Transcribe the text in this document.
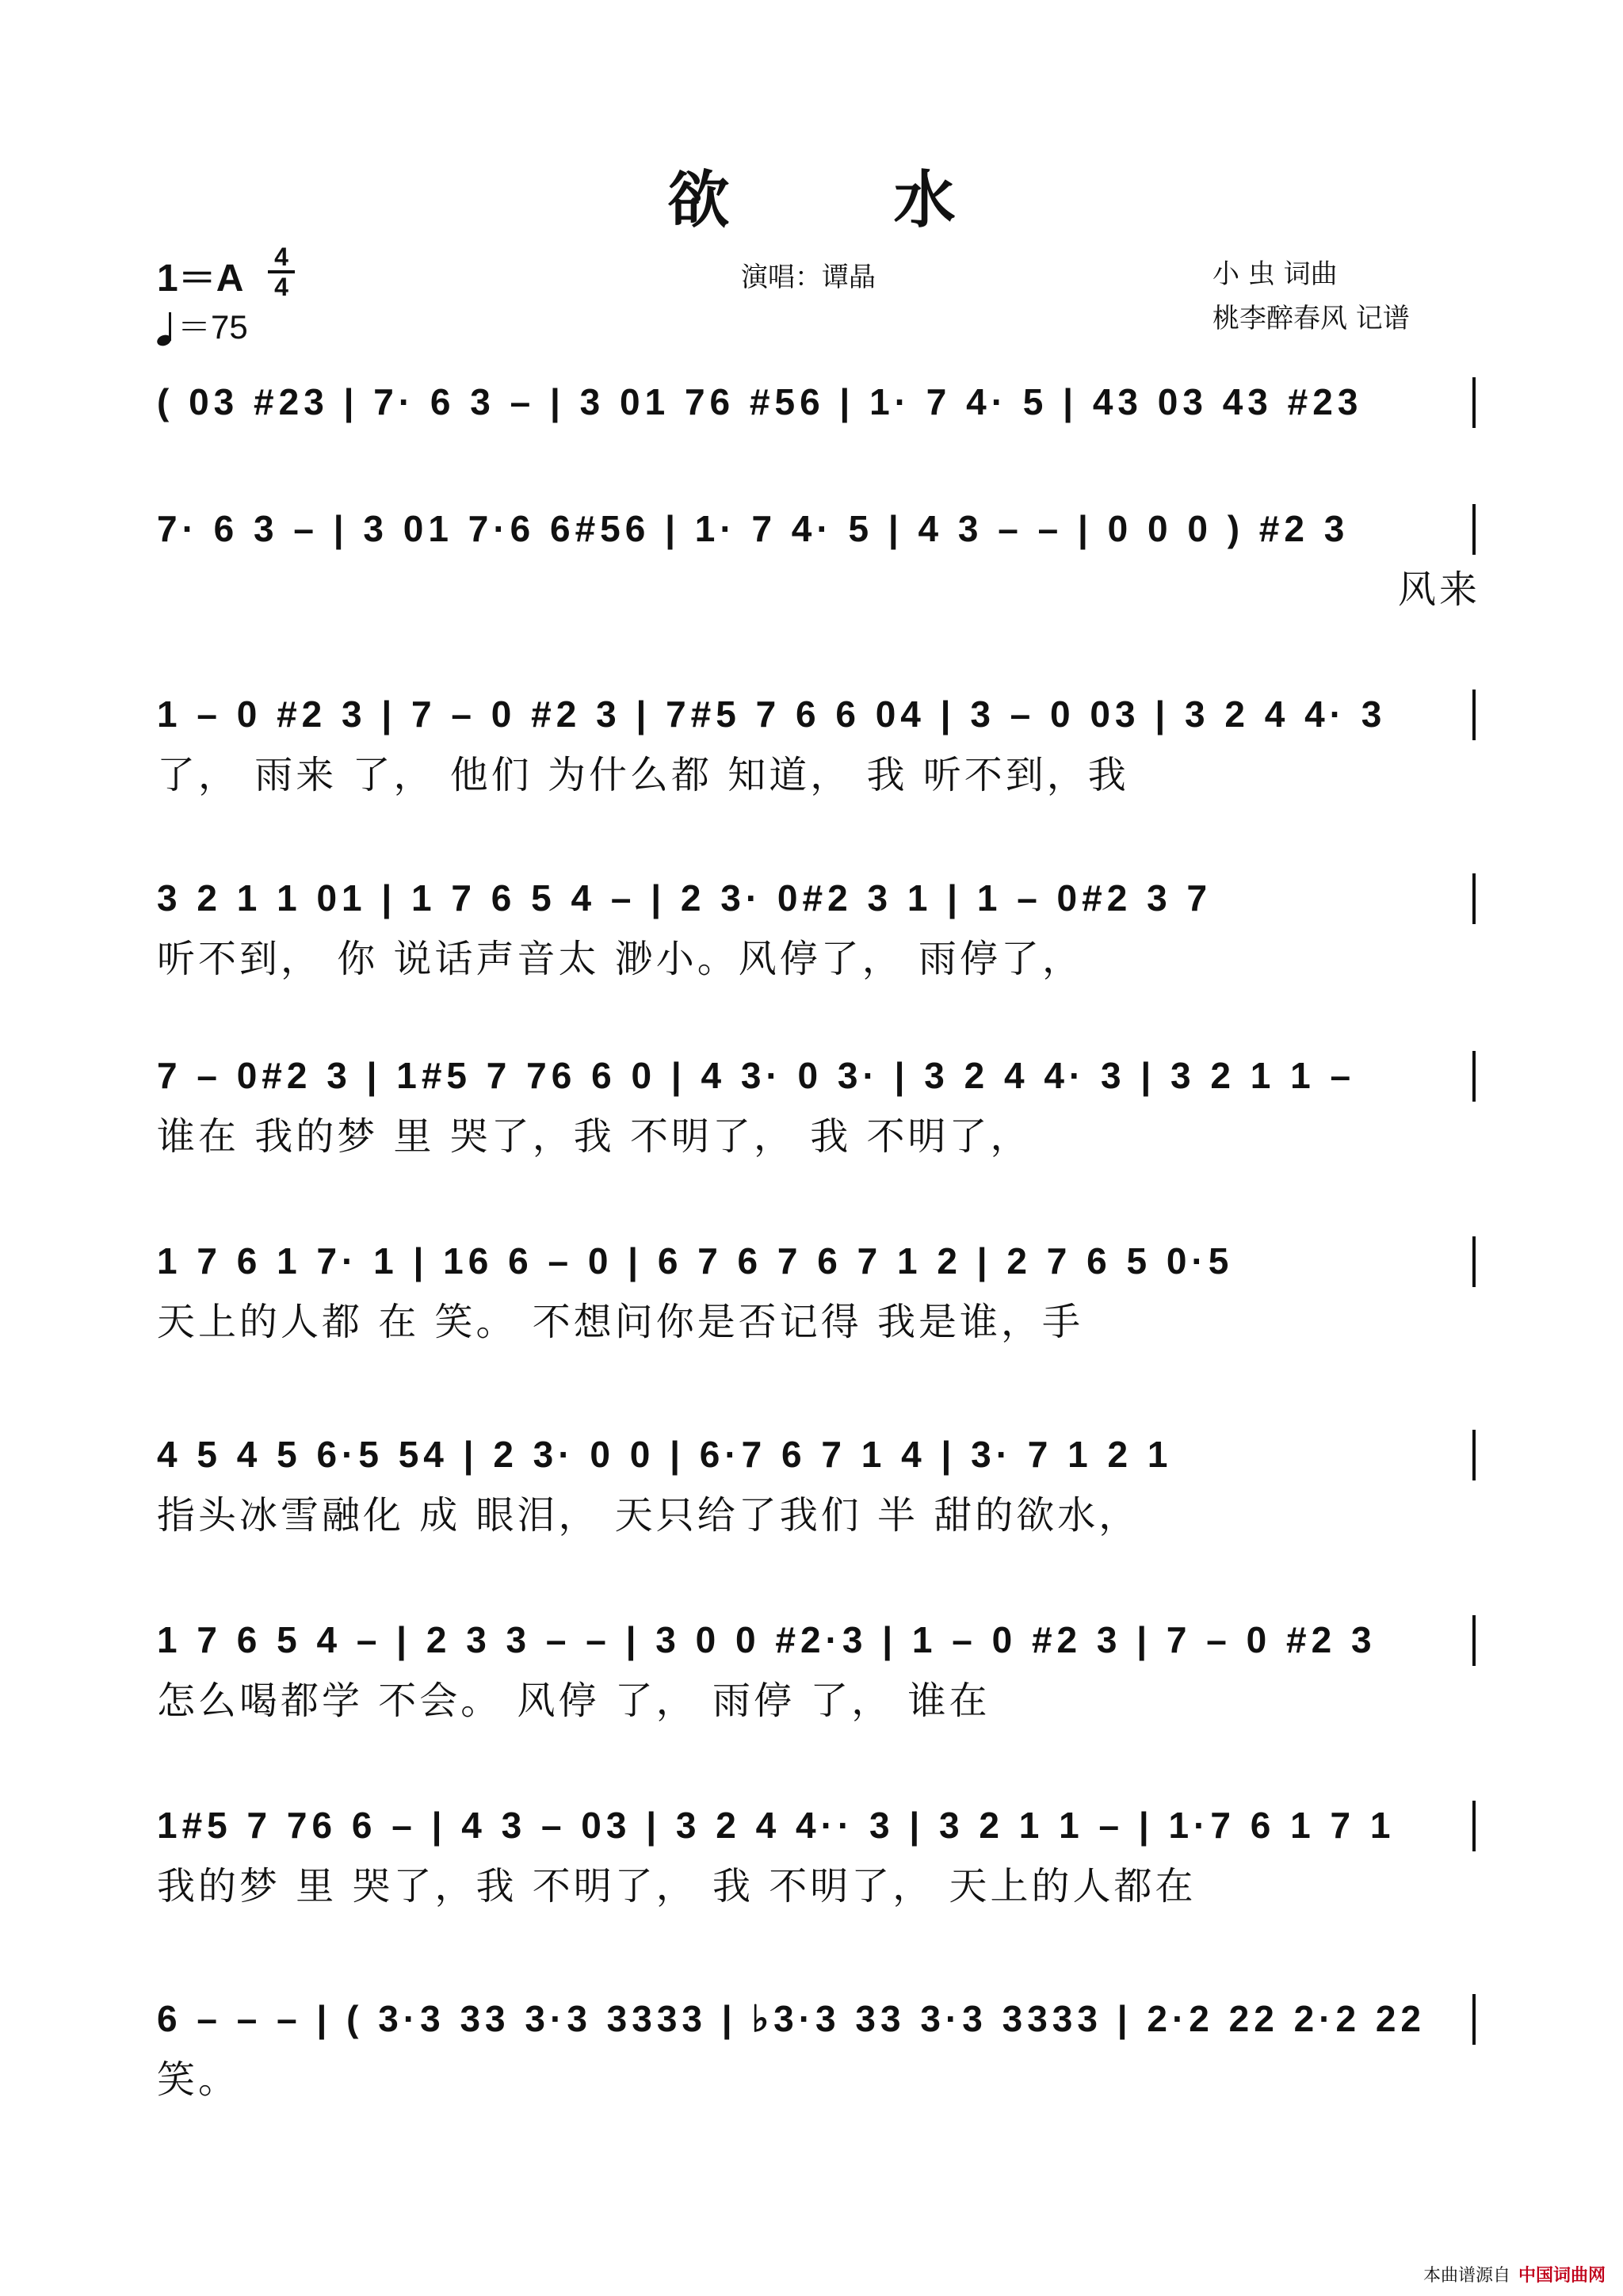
欲 水
1＝A
4
4
＝75
演唱：谭晶	小 虫 词曲
桃李醉春风 记谱
( 03 #23 | 7· 6 3 – | 3 01 76 #56 | 1· 7 4· 5 | 43 03 43 #23
7· 6 3 – | 3 01 7·6 6#56 | 1· 7 4· 5 | 4 3 – – | 0 0 0 ) #2 3
风来
1 – 0 #2 3 | 7 – 0 #2 3 | 7#5 7 6 6 04 | 3 – 0 03 | 3 2 4 4· 3
了， 雨来 了， 他们 为什么都 知道， 我 听不到，我
3 2 1 1 01 | 1 7 6 5 4 – | 2 3· 0#2 3 1 | 1 – 0#2 3 7
听不到， 你 说话声音太 渺小。风停了， 雨停了，
7 – 0#2 3 | 1#5 7 76 6 0 | 4 3· 0 3· | 3 2 4 4· 3 | 3 2 1 1 –
谁在 我的梦 里 哭了，我 不明了， 我 不明了，
1 7 6 1 7· 1 | 16 6 – 0 | 6 7 6 7 6 7 1 2 | 2 7 6 5 0·5
天上的人都 在 笑。 不想问你是否记得 我是谁，手
4 5 4 5 6·5 54 | 2 3· 0 0 | 6·7 6 7 1 4 | 3· 7 1 2 1
指头冰雪融化 成 眼泪， 天只给了我们 半 甜的欲水，
1 7 6 5 4 – | 2 3 3 – – | 3 0 0 #2·3 | 1 – 0 #2 3 | 7 – 0 #2 3
怎么喝都学 不会。 风停 了， 雨停 了， 谁在
1#5 7 76 6 – | 4 3 – 03 | 3 2 4 4·· 3 | 3 2 1 1 – | 1·7 6 1 7 1
我的梦 里 哭了，我 不明了， 我 不明了， 天上的人都在
6 – – – | ( 3·3 33 3·3 3333 | ♭3·3 33 3·3 3333 | 2·2 22 2·2 22
笑。
本曲谱源自 中国词曲网
